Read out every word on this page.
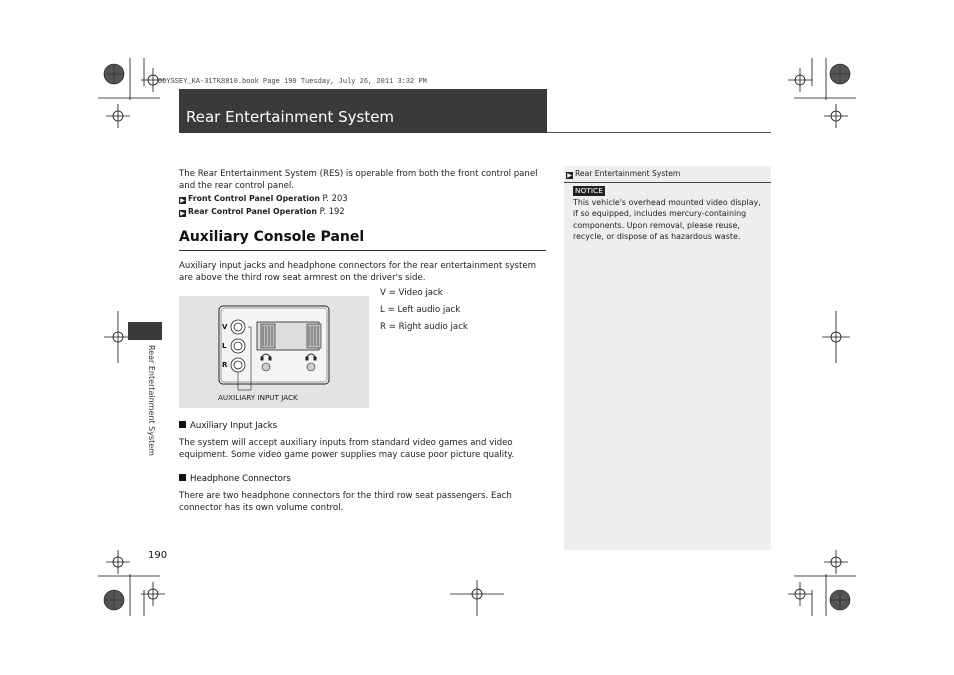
ODYSSEY_KA-31TK8810.book Page 190 Tuesday, July 26, 2011 3:32 PM
Rear Entertainment System
Rear Entertainment System
The Rear Entertainment System (RES) is operable from both the front control panel and the rear control panel.
▶ Front Control Panel Operation P. 203
▶ Rear Control Panel Operation P. 192
Auxiliary Console Panel
Auxiliary input jacks and headphone connectors for the rear entertainment system are above the third row seat armrest on the driver's side.
V
L
R
AUXILIARY INPUT JACK
V = Video jack
L = Left audio jack
R = Right audio jack
Auxiliary Input Jacks
The system will accept auxiliary inputs from standard video games and video equipment. Some video game power supplies may cause poor picture quality.
Headphone Connectors
There are two headphone connectors for the third row seat passengers. Each connector has its own volume control.
190
▶ Rear Entertainment System
NOTICE
This vehicle's overhead mounted video display, if so equipped, includes mercury-containing components. Upon removal, please reuse, recycle, or dispose of as hazardous waste.
